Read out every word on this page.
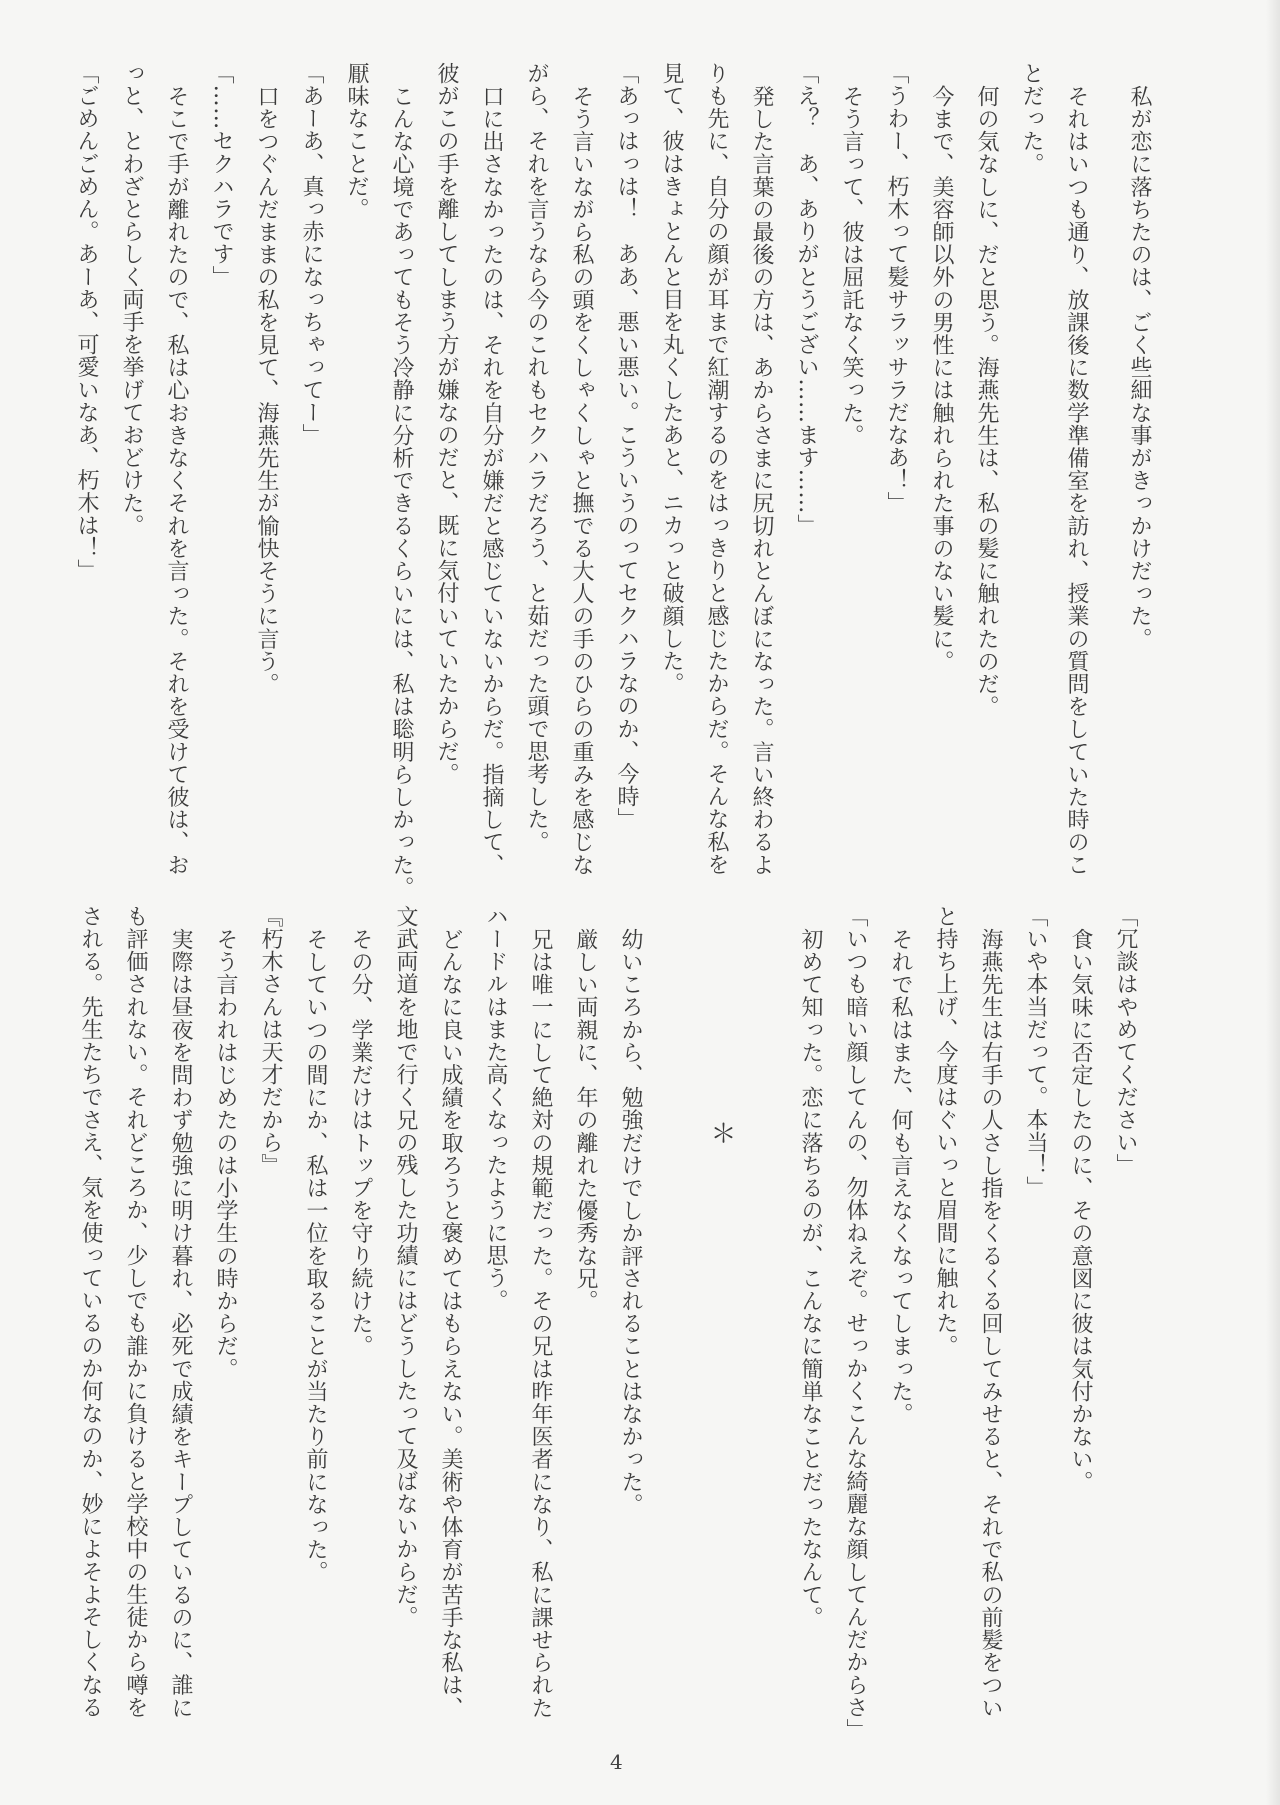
私が恋に落ちたのは、ごく些細な事がきっかけだった。
それはいつも通り、放課後に数学準備室を訪れ、授業の質問をしていた時のこ
とだった。
何の気なしに、だと思う。海燕先生は、私の髪に触れたのだ。
今まで、美容師以外の男性には触れられた事のない髪に。
「うわー、朽木って髪サラッサラだなあ！」
そう言って、彼は屈託なく笑った。
「え？　あ、ありがとうござい……ます……」
発した言葉の最後の方は、あからさまに尻切れとんぼになった。言い終わるよ
りも先に、自分の顔が耳まで紅潮するのをはっきりと感じたからだ。そんな私を
見て、彼はきょとんと目を丸くしたあと、ニカっと破顔した。
「あっはっは！　ああ、悪い悪い。こういうのってセクハラなのか、今時」
そう言いながら私の頭をくしゃくしゃと撫でる大人の手のひらの重みを感じな
がら、それを言うなら今のこれもセクハラだろう、と茹だった頭で思考した。
口に出さなかったのは、それを自分が嫌だと感じていないからだ。指摘して、
彼がこの手を離してしまう方が嫌なのだと、既に気付いていたからだ。
こんな心境であってもそう冷静に分析できるくらいには、私は聡明らしかった。
厭味なことだ。
「あーあ、真っ赤になっちゃってー」
口をつぐんだままの私を見て、海燕先生が愉快そうに言う。
「……セクハラです」
そこで手が離れたので、私は心おきなくそれを言った。それを受けて彼は、お
っと、とわざとらしく両手を挙げておどけた。
「ごめんごめん。あーあ、可愛いなあ、朽木は！」
「冗談はやめてください」
食い気味に否定したのに、その意図に彼は気付かない。
「いや本当だって。本当！」
海燕先生は右手の人さし指をくるくる回してみせると、それで私の前髪をつい
と持ち上げ、今度はぐいっと眉間に触れた。
それで私はまた、何も言えなくなってしまった。
「いつも暗い顔してんの、勿体ねえぞ。せっかくこんな綺麗な顔してんだからさ」
初めて知った。恋に落ちるのが、こんなに簡単なことだったなんて。
＊
幼いころから、勉強だけでしか評されることはなかった。
厳しい両親に、年の離れた優秀な兄。
兄は唯一にして絶対の規範だった。その兄は昨年医者になり、私に課せられた
ハードルはまた高くなったように思う。
どんなに良い成績を取ろうと褒めてはもらえない。美術や体育が苦手な私は、
文武両道を地で行く兄の残した功績にはどうしたって及ばないからだ。
その分、学業だけはトップを守り続けた。
そしていつの間にか、私は一位を取ることが当たり前になった。
『朽木さんは天才だから』
そう言われはじめたのは小学生の時からだ。
実際は昼夜を問わず勉強に明け暮れ、必死で成績をキープしているのに、誰に
も評価されない。それどころか、少しでも誰かに負けると学校中の生徒から噂を
される。先生たちでさえ、気を使っているのか何なのか、妙によそよそしくなる
4
